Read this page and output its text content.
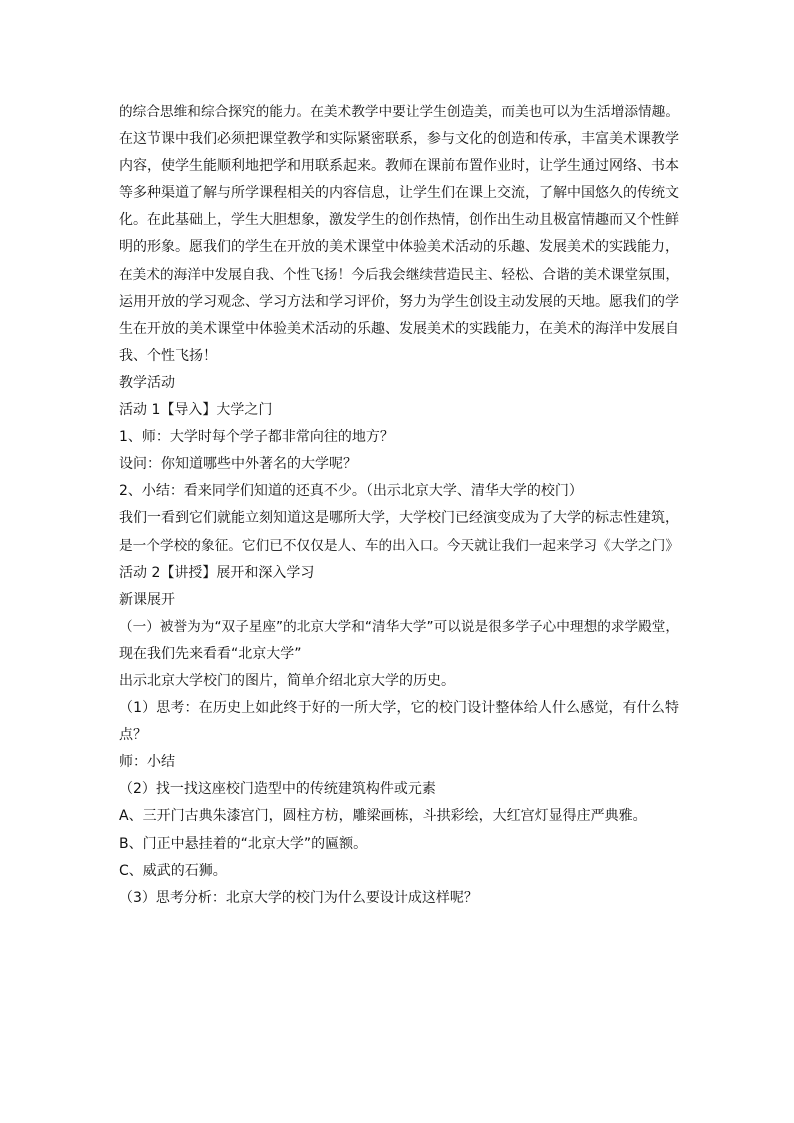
的综合思维和综合探究的能力。在美术教学中要让学生创造美，而美也可以为生活增添情趣。
在这节课中我们必须把课堂教学和实际紧密联系，参与文化的创造和传承，丰富美术课教学
内容，使学生能顺利地把学和用联系起来。教师在课前布置作业时，让学生通过网络、书本
等多种渠道了解与所学课程相关的内容信息，让学生们在课上交流，了解中国悠久的传统文
化。在此基础上，学生大胆想象，激发学生的创作热情，创作出生动且极富情趣而又个性鲜
明的形象。愿我们的学生在开放的美术课堂中体验美术活动的乐趣、发展美术的实践能力，
在美术的海洋中发展自我、个性飞扬！今后我会继续营造民主、轻松、合谐的美术课堂氛围，
运用开放的学习观念、学习方法和学习评价，努力为学生创设主动发展的天地。愿我们的学
生在开放的美术课堂中体验美术活动的乐趣、发展美术的实践能力，在美术的海洋中发展自
我、个性飞扬！
教学活动
活动 1【导入】大学之门
1、师：大学时每个学子都非常向往的地方？
设问：你知道哪些中外著名的大学呢？
2、小结：看来同学们知道的还真不少。（出示北京大学、清华大学的校门）
我们一看到它们就能立刻知道这是哪所大学，大学校门已经演变成为了大学的标志性建筑，
是一个学校的象征。它们已不仅仅是人、车的出入口。今天就让我们一起来学习《大学之门》
活动 2【讲授】展开和深入学习
新课展开
（一）被誉为为“双子星座”的北京大学和“清华大学”可以说是很多学子心中理想的求学殿堂，
现在我们先来看看“北京大学”
出示北京大学校门的图片，简单介绍北京大学的历史。
（1）思考：在历史上如此终于好的一所大学，它的校门设计整体给人什么感觉，有什么特
点？
师：小结
（2）找一找这座校门造型中的传统建筑构件或元素
A、三开门古典朱漆宫门，圆柱方枋，雕梁画栋，斗拱彩绘，大红宫灯显得庄严典雅。
B、门正中悬挂着的“北京大学”的匾额。
C、威武的石狮。
（3）思考分析：北京大学的校门为什么要设计成这样呢？
